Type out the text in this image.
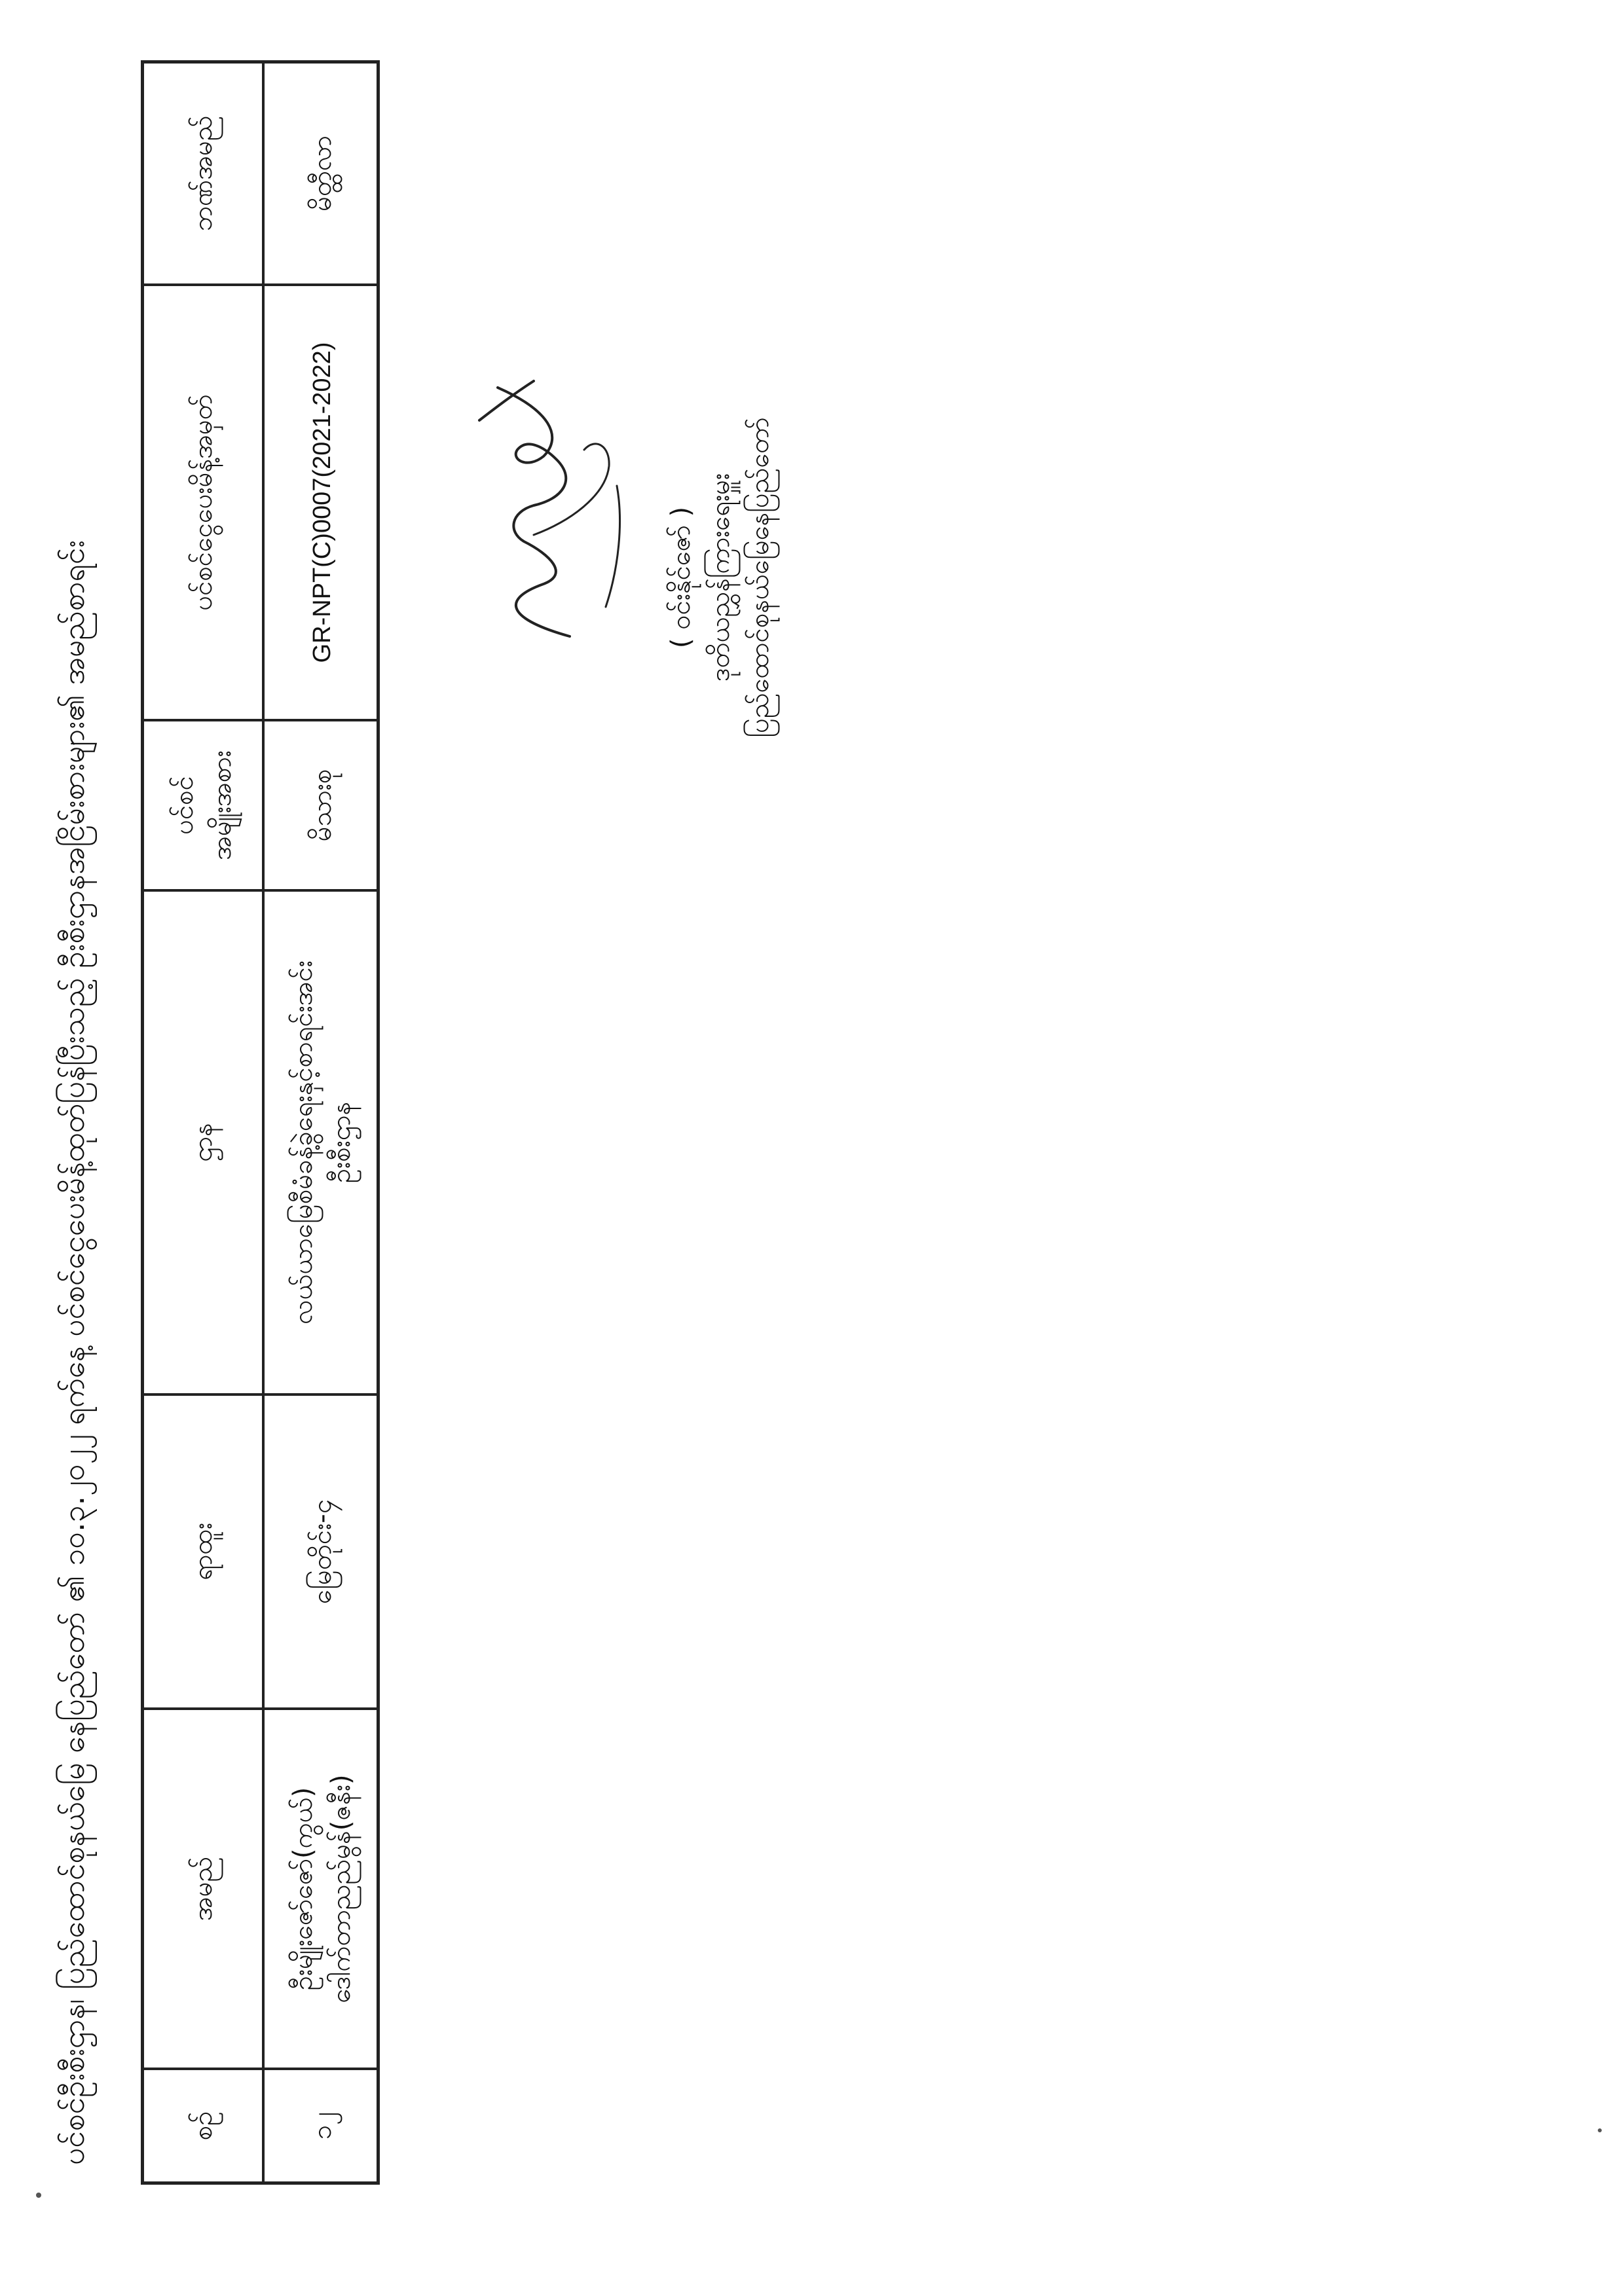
ပင်စင်ဦးစီးဌာန၊ ပြည်ထောင်စုနယ်မြေ နေပြည်တော် ၏ ၁၀.၃.၂၀၂၂ ရက်နေ့ ပင်စင်ငွေပေးမိန့်ထုတ်ပြန်ပြီးသည့် ဦးစီးဌာနအငြိမ်းစားများ၏ အမည်စာရင်း	စဥ်
အမည်
ရာထူး
ဌာန
ပင်စင် အမျိုးအစား
ပင်စင်ငွေပေးမိန့်အမှတ်
ဘဏ်အမည်
၁၂
ဦးမျိုးဇော်ဇော်(ကွယ်) ဒေါက်တာညည်မွန်(ဇနီး)
မြေတိုင်း-၄
လယ်ယာမြေစီမံခန့်ခွဲရေးနှင့်စာရင်းအင်း ဦးစီးဌာန
မိသားစု
GR-NPT(C)0007(2021-2022)
မိတ္ထီလာ
( ဝင်းနိုင်ဇော် ) ဒုတိယညွှန်ကြားရေးမှူး ပြည်ထောင်စုနယ်မြေနေပြည်တော်
